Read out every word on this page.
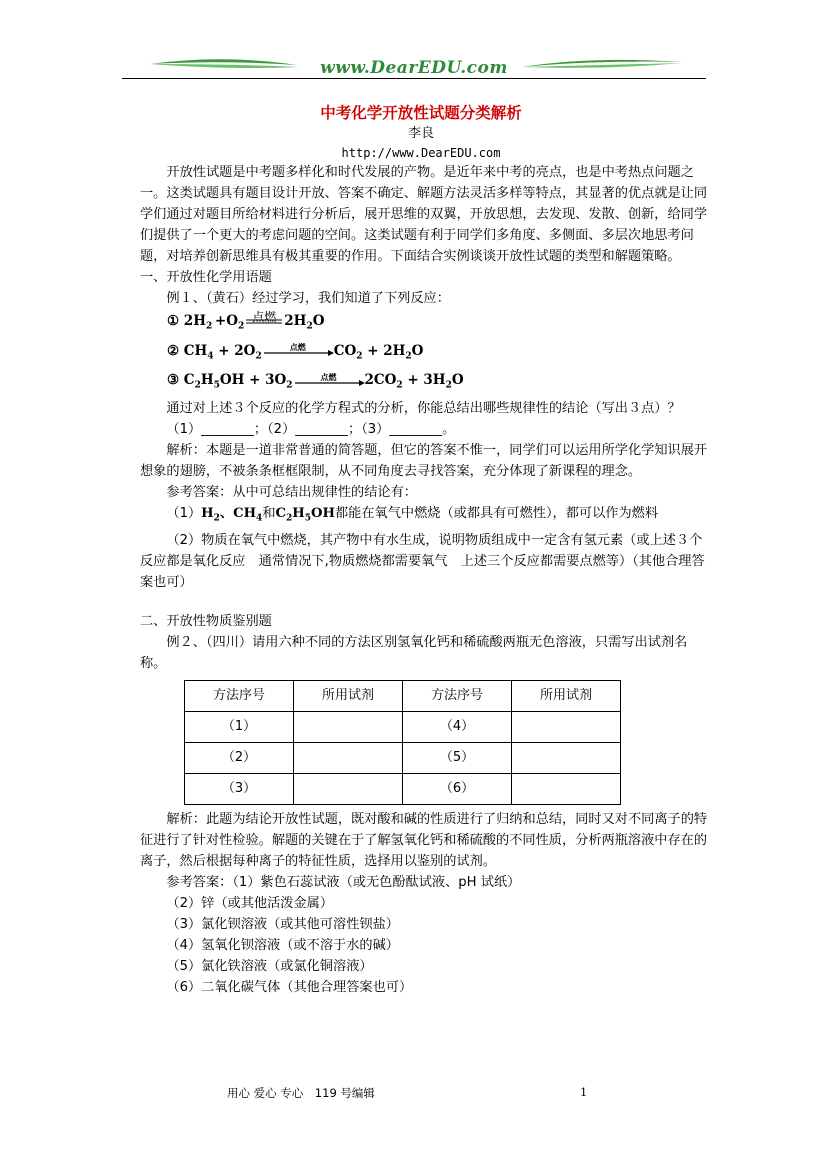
www.DearEDU.com
中考化学开放性试题分类解析
李良
http://www.DearEDU.com

开放性试题是中考题多样化和时代发展的产物。是近年来中考的亮点，也是中考热点问题之一。这类试题具有题目设计开放、答案不确定、解题方法灵活多样等特点，其显著的优点就是让同学们通过对题目所给材料进行分析后，展开思维的双翼，开放思想，去发现、发散、创新，给同学们提供了一个更大的考虑问题的空间。这类试题有利于同学们多角度、多侧面、多层次地思考问题，对培养创新思维具有极其重要的作用。下面结合实例谈谈开放性试题的类型和解题策略。

一、开放性化学用语题

例１、（黄石）经过学习，我们知道了下列反应：

① $2H_2 +O_2$
点燃 $2H_2O$
② $CH_4 + 2O_2$
点燃	$CO_2 + 2H_2O$
③ $C_2H_5OH + 3O_2$
点燃	$2CO_2 + 3H_2O$

通过对上述３个反应的化学方程式的分析，你能总结出哪些规律性的结论（写出３点）？

（1）________；（2）________；（3）________。

解析：本题是一道非常普通的简答题，但它的答案不惟一，同学们可以运用所学化学知识展开想象的翅膀，不被条条框框限制，从不同角度去寻找答案，充分体现了新课程的理念。

参考答案：从中可总结出规律性的结论有：

$(1)H_2$、$CH_4$和$C_2H_5OH$都能在氧气中燃烧（或都具有可燃性），都可以作为燃料

（2）物质在氧气中燃烧，其产物中有水生成，说明物质组成中一定含有氢元素（或上述３个反应都是氧化反应　通常情况下,物质燃烧都需要氧气　上述三个反应都需要点燃等）（其他合理答案也可）

二、开放性物质鉴别题

例２、（四川）请用六种不同的方法区别氢氧化钙和稀硫酸两瓶无色溶液，只需写出试剂名称。

方法序号	所用试剂	方法序号	所用试剂
（1）		（4）	
（2）		（5）	
（3）		（6）	

解析：此题为结论开放性试题，既对酸和碱的性质进行了归纳和总结，同时又对不同离子的特征进行了针对性检验。解题的关键在于了解氢氧化钙和稀硫酸的不同性质，分析两瓶溶液中存在的离子，然后根据每种离子的特征性质，选择用以鉴别的试剂。

参考答案：（1）紫色石蕊试液（或无色酚酞试液、pH 试纸）

（2）锌（或其他活泼金属）

（3）氯化钡溶液（或其他可溶性钡盐）

（4）氢氧化钡溶液（或不溶于水的碱）

（5）氯化铁溶液（或氯化铜溶液）

（6）二氧化碳气体（其他合理答案也可）

用心 爱心 专心　119 号编辑	1
